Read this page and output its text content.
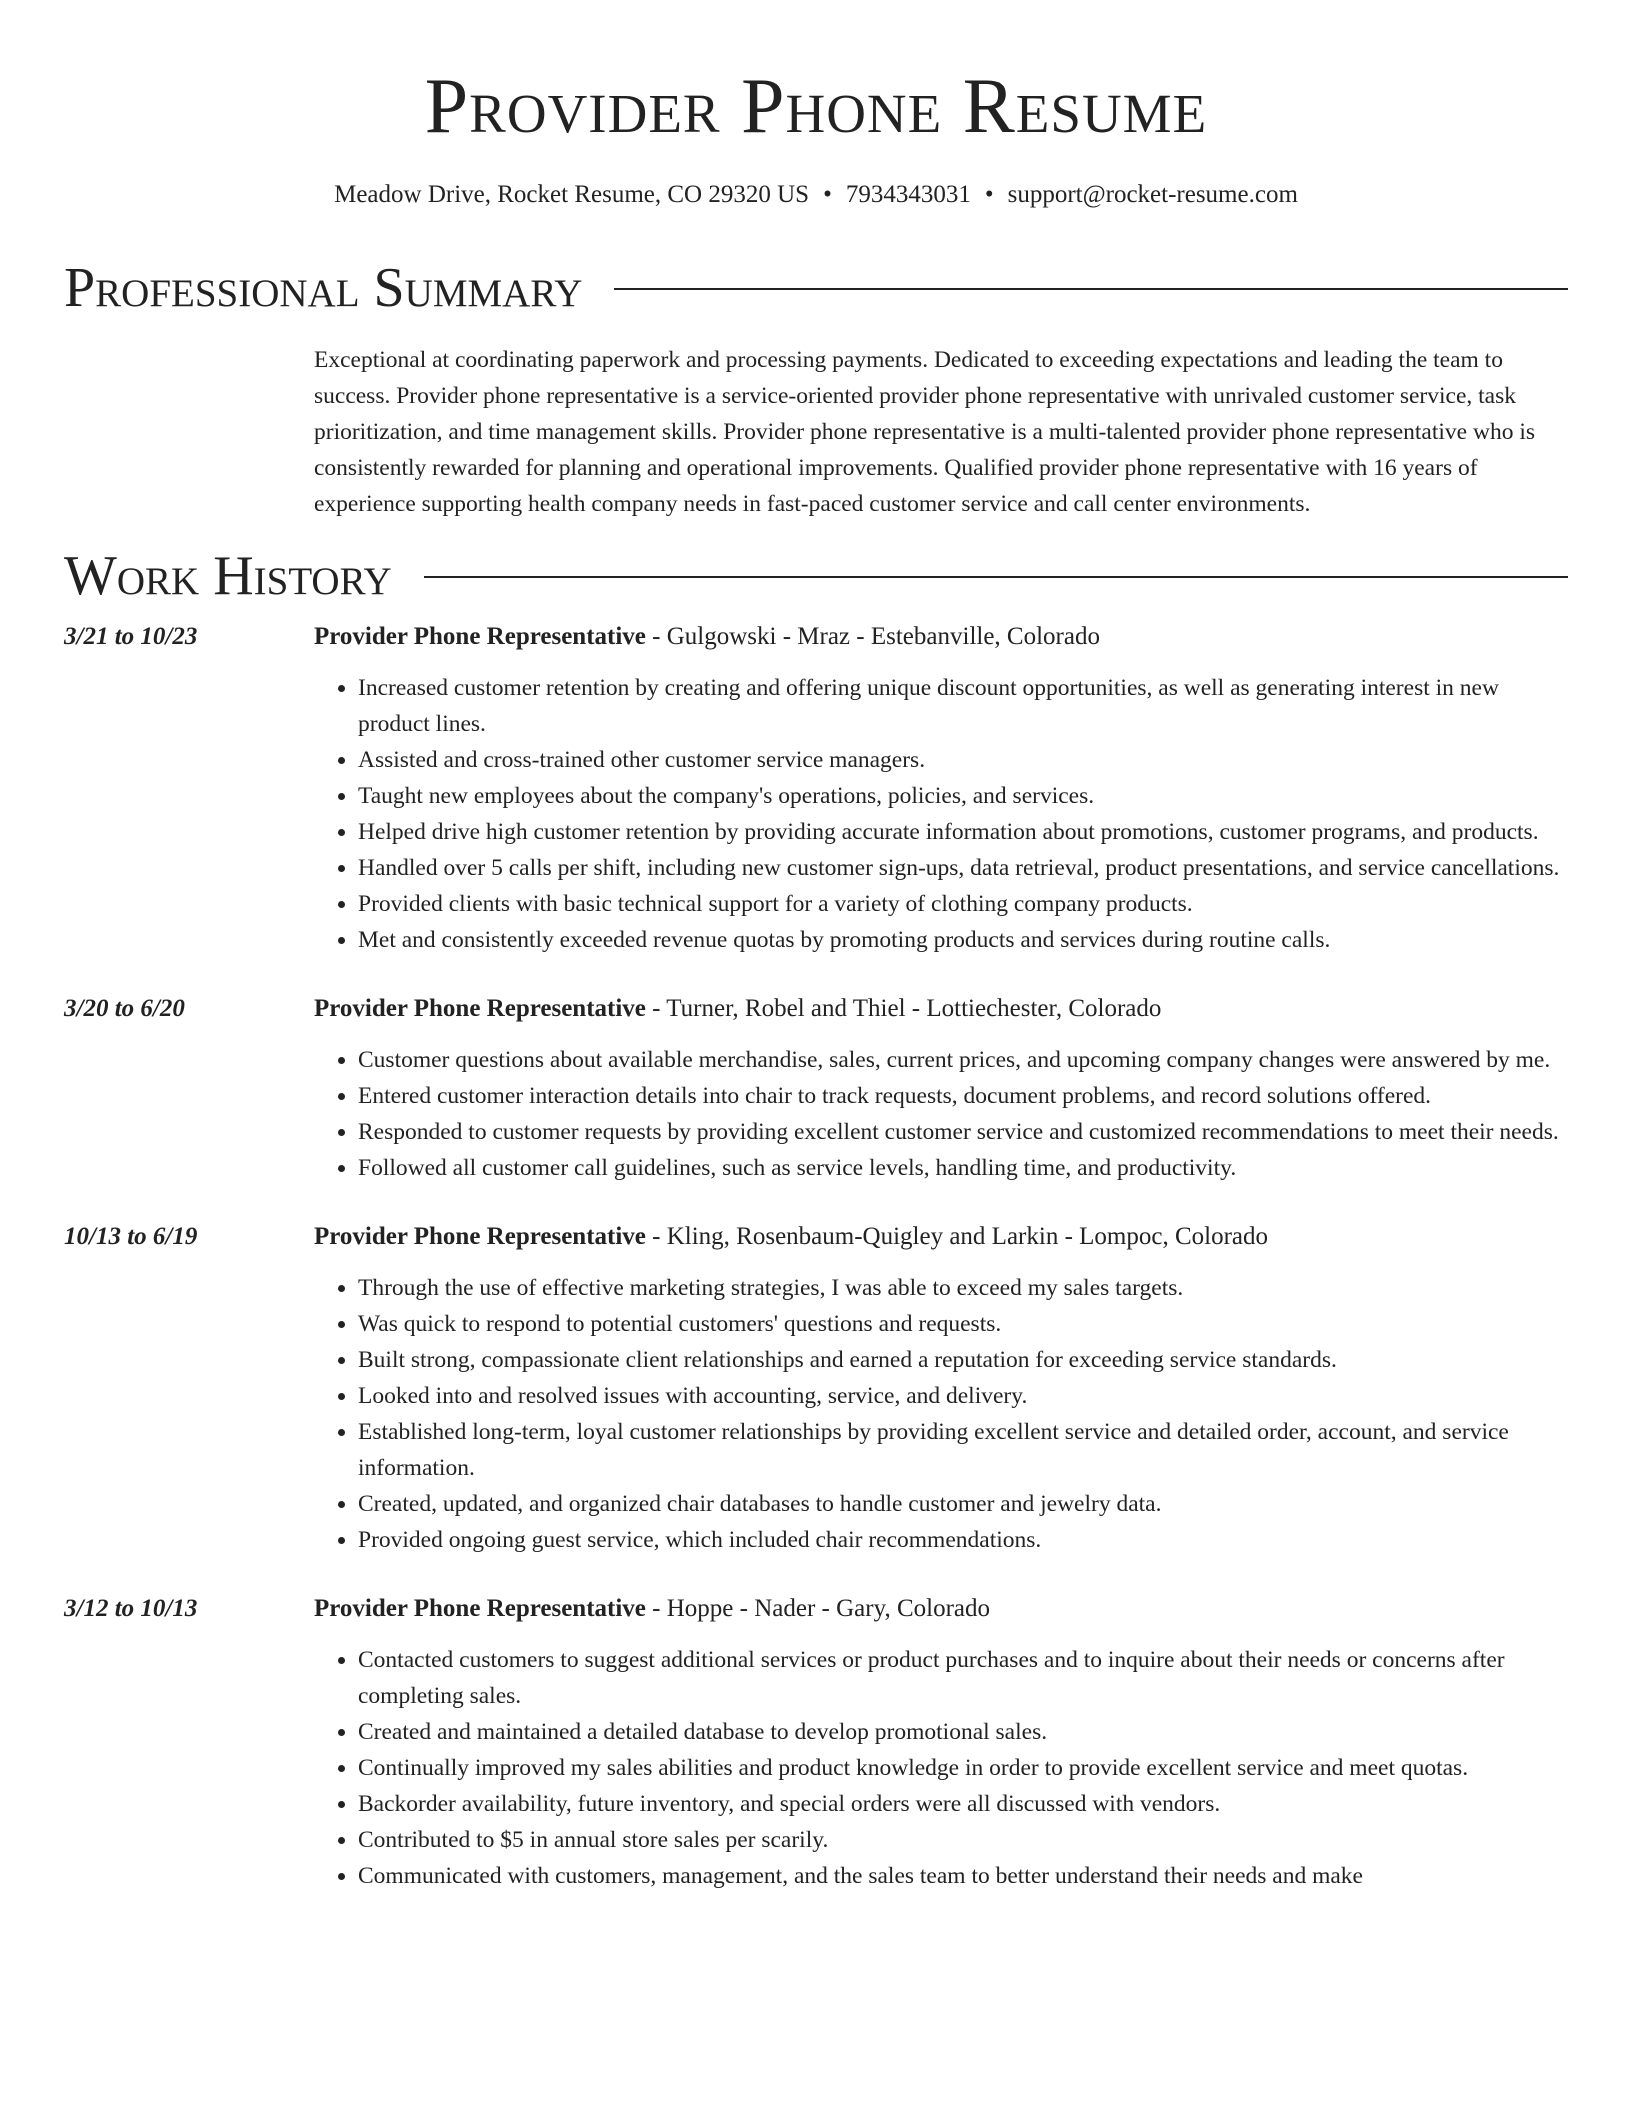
Provider Phone Resume
Meadow Drive, Rocket Resume, CO 29320 US • 7934343031 • support@rocket-resume.com
Professional Summary

Exceptional at coordinating paperwork and processing payments. Dedicated to exceeding expectations and leading the team to success. Provider phone representative is a service-oriented provider phone representative with unrivaled customer service, task prioritization, and time management skills. Provider phone representative is a multi-talented provider phone representative who is consistently rewarded for planning and operational improvements. Qualified provider phone representative with 16 years of experience supporting health company needs in fast-paced customer service and call center environments.

Work History
3/21 to 10/23	Provider Phone Representative - Gulgowski - Mraz - Estebanville, Colorado
• Increased customer retention by creating and offering unique discount opportunities, as well as generating interest in new product lines.
• Assisted and cross-trained other customer service managers.
• Taught new employees about the company's operations, policies, and services.
• Helped drive high customer retention by providing accurate information about promotions, customer programs, and products.
• Handled over 5 calls per shift, including new customer sign-ups, data retrieval, product presentations, and service cancellations.
• Provided clients with basic technical support for a variety of clothing company products.
• Met and consistently exceeded revenue quotas by promoting products and services during routine calls.
3/20 to 6/20	Provider Phone Representative - Turner, Robel and Thiel - Lottiechester, Colorado
• Customer questions about available merchandise, sales, current prices, and upcoming company changes were answered by me.
• Entered customer interaction details into chair to track requests, document problems, and record solutions offered.
• Responded to customer requests by providing excellent customer service and customized recommendations to meet their needs.
• Followed all customer call guidelines, such as service levels, handling time, and productivity.
10/13 to 6/19	Provider Phone Representative - Kling, Rosenbaum-Quigley and Larkin - Lompoc, Colorado
• Through the use of effective marketing strategies, I was able to exceed my sales targets.
• Was quick to respond to potential customers' questions and requests.
• Built strong, compassionate client relationships and earned a reputation for exceeding service standards.
• Looked into and resolved issues with accounting, service, and delivery.
• Established long-term, loyal customer relationships by providing excellent service and detailed order, account, and service information.
• Created, updated, and organized chair databases to handle customer and jewelry data.
• Provided ongoing guest service, which included chair recommendations.
3/12 to 10/13	Provider Phone Representative - Hoppe - Nader - Gary, Colorado
• Contacted customers to suggest additional services or product purchases and to inquire about their needs or concerns after completing sales.
• Created and maintained a detailed database to develop promotional sales.
• Continually improved my sales abilities and product knowledge in order to provide excellent service and meet quotas.
• Backorder availability, future inventory, and special orders were all discussed with vendors.
• Contributed to $5 in annual store sales per scarily.
• Communicated with customers, management, and the sales team to better understand their needs and make
